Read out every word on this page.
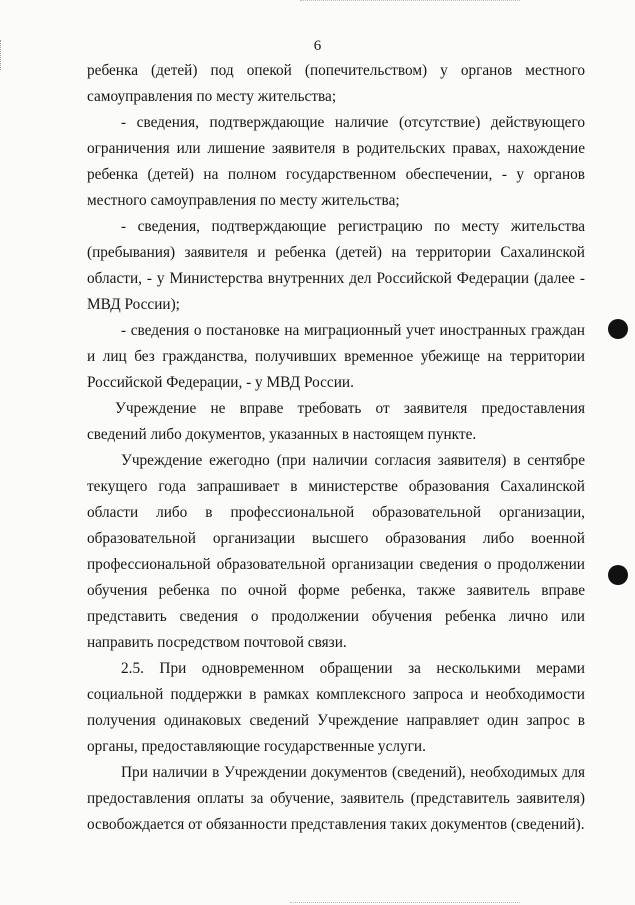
6

ребенка (детей) под опекой (попечительством) у органов местного самоуправления по месту жительства;

- сведения, подтверждающие наличие (отсутствие) действующего ограничения или лишение заявителя в родительских правах, нахождение ребенка (детей) на полном государственном обеспечении, - у органов местного самоуправления по месту жительства;

- сведения, подтверждающие регистрацию по месту жительства (пребывания) заявителя и ребенка (детей) на территории Сахалинской области, - у Министерства внутренних дел Российской Федерации (далее - МВД России);

- сведения о постановке на миграционный учет иностранных граждан и лиц без гражданства, получивших временное убежище на территории Российской Федерации, - у МВД России.

Учреждение не вправе требовать от заявителя предоставления сведений либо документов, указанных в настоящем пункте.

Учреждение ежегодно (при наличии согласия заявителя) в сентябре текущего года запрашивает в министерстве образования Сахалинской области либо в профессиональной образовательной организации, образовательной организации высшего образования либо военной профессиональной образовательной организации сведения о продолжении обучения ребенка по очной форме ребенка, также заявитель вправе представить сведения о продолжении обучения ребенка лично или направить посредством почтовой связи.

2.5. При одновременном обращении за несколькими мерами социальной поддержки в рамках комплексного запроса и необходимости получения одинаковых сведений Учреждение направляет один запрос в органы, предоставляющие государственные услуги.

При наличии в Учреждении документов (сведений), необходимых для предоставления оплаты за обучение, заявитель (представитель заявителя) освобождается от обязанности представления таких документов (сведений).
